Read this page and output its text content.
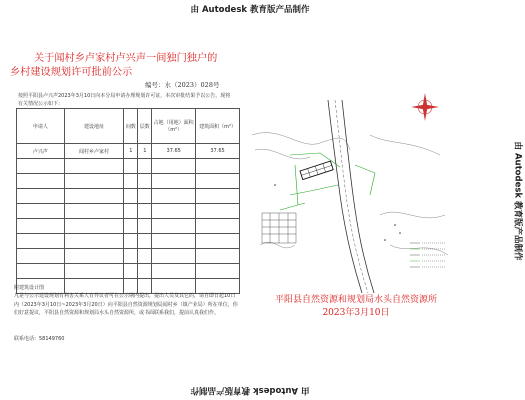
由 Autodesk 教育版产品制作
由 Autodesk 教育版产品制作
由 Autodesk 教育版产品制作
关于闻村乡卢家村卢兴声一间独门独户的
乡村建设规划许可批前公示
编号：水（2023）028号
按照平阳县卢兴声2023年3月10日向本分局申请办理规划许可证，本次审批结果予以公告，现将有关情况公示如下：
申请人	建设地址	间数	层数	占地（用地）面积（m²）	建筑面积（m²）
卢兴声	闻村乡卢家村	1	1	37.65	37.65

附建筑设计图
凡是与公示建设规划有利害关系人有异议者可在公示期内提出，提出人员及其它的，请自即日起10日内（2023年3月10日~2023年3月20日）向平阳县自然资源规划局闻村乡（镇产业局）所在单位，你们好意提议，平阳县自然资源和规划局水头自然资源所，或书面联系我们，提前认真我们作。
联系电话：58149760
平阳县自然资源和规划局水头自然资源所
2023年3月10日
